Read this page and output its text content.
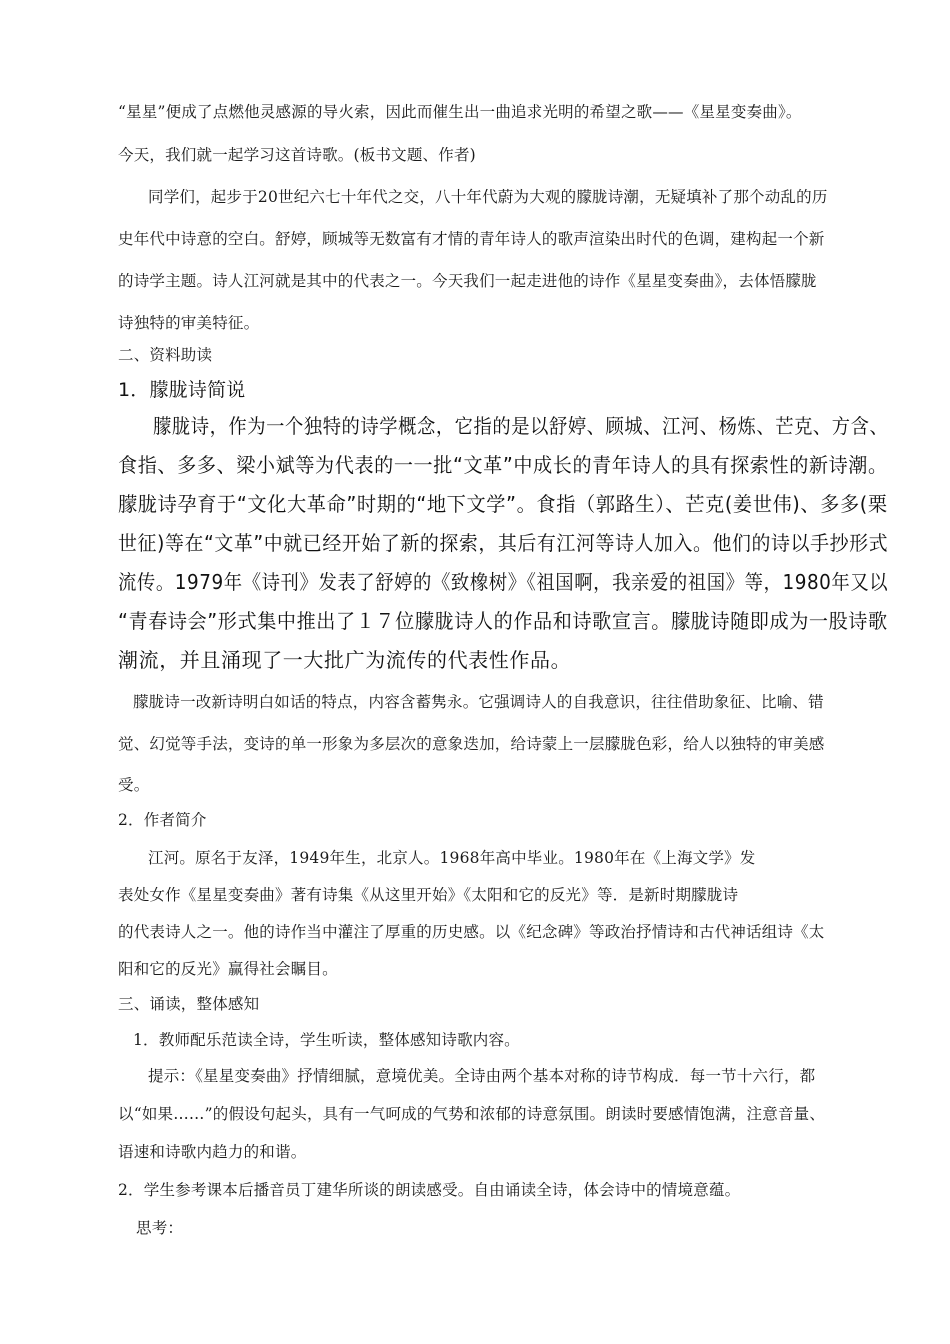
“星星”便成了点燃他灵感源的导火索，因此而催生出一曲追求光明的希望之歌——《星星变奏曲》。
今天，我们就一起学习这首诗歌。(板书文题、作者)
同学们，起步于20世纪六七十年代之交，八十年代蔚为大观的朦胧诗潮，无疑填补了那个动乱的历
史年代中诗意的空白。舒婷，顾城等无数富有才情的青年诗人的歌声渲染出时代的色调，建构起一个新
的诗学主题。诗人江河就是其中的代表之一。今天我们一起走进他的诗作《星星变奏曲》，去体悟朦胧
诗独特的审美特征。
二、资料助读
1．朦胧诗简说
朦胧诗，作为一个独特的诗学概念，它指的是以舒婷、顾城、江河、杨炼、芒克、方含、
食指、多多、梁小斌等为代表的一一批“文革”中成长的青年诗人的具有探索性的新诗潮。
朦胧诗孕育于“文化大革命”时期的“地下文学”。食指（郭路生）、芒克(姜世伟)、多多(栗
世征)等在“文革”中就已经开始了新的探索，其后有江河等诗人加入。他们的诗以手抄形式
流传。1979年《诗刊》发表了舒婷的《致橡树》《祖国啊，我亲爱的祖国》等，1980年又以
“青春诗会”形式集中推出了１７位朦胧诗人的作品和诗歌宣言。朦胧诗随即成为一股诗歌
潮流，并且涌现了一大批广为流传的代表性作品。
朦胧诗一改新诗明白如话的特点，内容含蓄隽永。它强调诗人的自我意识，往往借助象征、比喻、错
觉、幻觉等手法，变诗的单一形象为多层次的意象迭加，给诗蒙上一层朦胧色彩，给人以独特的审美感
受。
2．作者简介
江河。原名于友泽，1949年生，北京人。1968年高中毕业。1980年在《上海文学》发
表处女作《星星变奏曲》著有诗集《从这里开始》《太阳和它的反光》等．是新时期朦胧诗
的代表诗人之一。他的诗作当中灌注了厚重的历史感。以《纪念碑》等政治抒情诗和古代神话组诗《太
阳和它的反光》赢得社会瞩目。
三、诵读，整体感知
1．教师配乐范读全诗，学生听读，整体感知诗歌内容。
提示：《星星变奏曲》抒情细腻，意境优美。全诗由两个基本对称的诗节构成．每一节十六行，都
以“如果……”的假设句起头，具有一气呵成的气势和浓郁的诗意氛围。朗读时要感情饱满，注意音量、
语速和诗歌内趋力的和谐。
2．学生参考课本后播音员丁建华所谈的朗读感受。自由诵读全诗，体会诗中的情境意蕴。
思考：
